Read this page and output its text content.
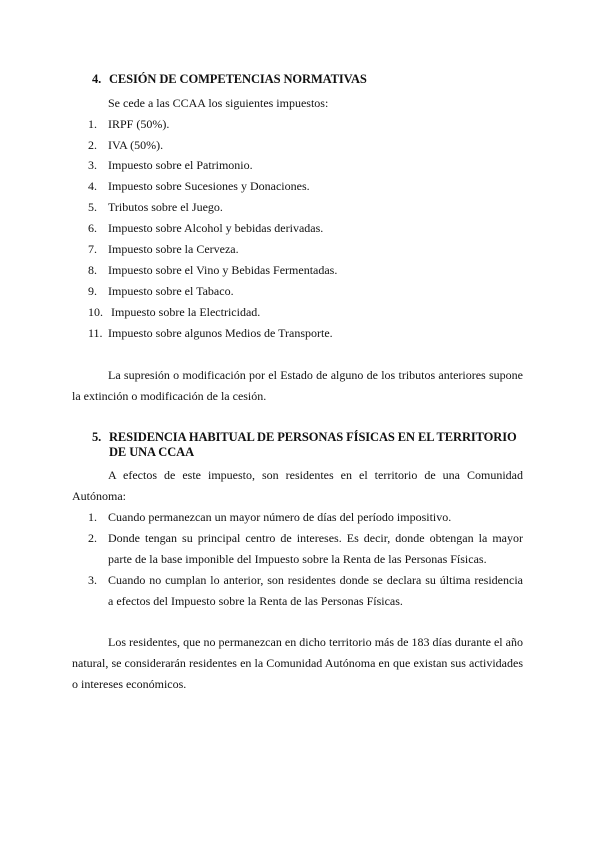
4. CESIÓN DE COMPETENCIAS NORMATIVAS
Se cede a las CCAA los siguientes impuestos:
1. IRPF (50%).
2. IVA (50%).
3. Impuesto sobre el Patrimonio.
4. Impuesto sobre Sucesiones y Donaciones.
5. Tributos sobre el Juego.
6. Impuesto sobre Alcohol y bebidas derivadas.
7. Impuesto sobre la Cerveza.
8. Impuesto sobre el Vino y Bebidas Fermentadas.
9. Impuesto sobre el Tabaco.
10. Impuesto sobre la Electricidad.
11. Impuesto sobre algunos Medios de Transporte.
La supresión o modificación por el Estado de alguno de los tributos anteriores supone
la extinción o modificación de la cesión.
5. RESIDENCIA HABITUAL DE PERSONAS FÍSICAS EN EL TERRITORIO DE UNA CCAA
A efectos de este impuesto, son residentes en el territorio de una Comunidad
Autónoma:
1. Cuando permanezcan un mayor número de días del período impositivo.
2. Donde tengan su principal centro de intereses. Es decir, donde obtengan la mayor
parte de la base imponible del Impuesto sobre la Renta de las Personas Físicas.
3. Cuando no cumplan lo anterior, son residentes donde se declara su última residencia
a efectos del Impuesto sobre la Renta de las Personas Físicas.
Los residentes, que no permanezcan en dicho territorio más de 183 días durante el año
natural, se considerarán residentes en la Comunidad Autónoma en que existan sus actividades
o intereses económicos.
